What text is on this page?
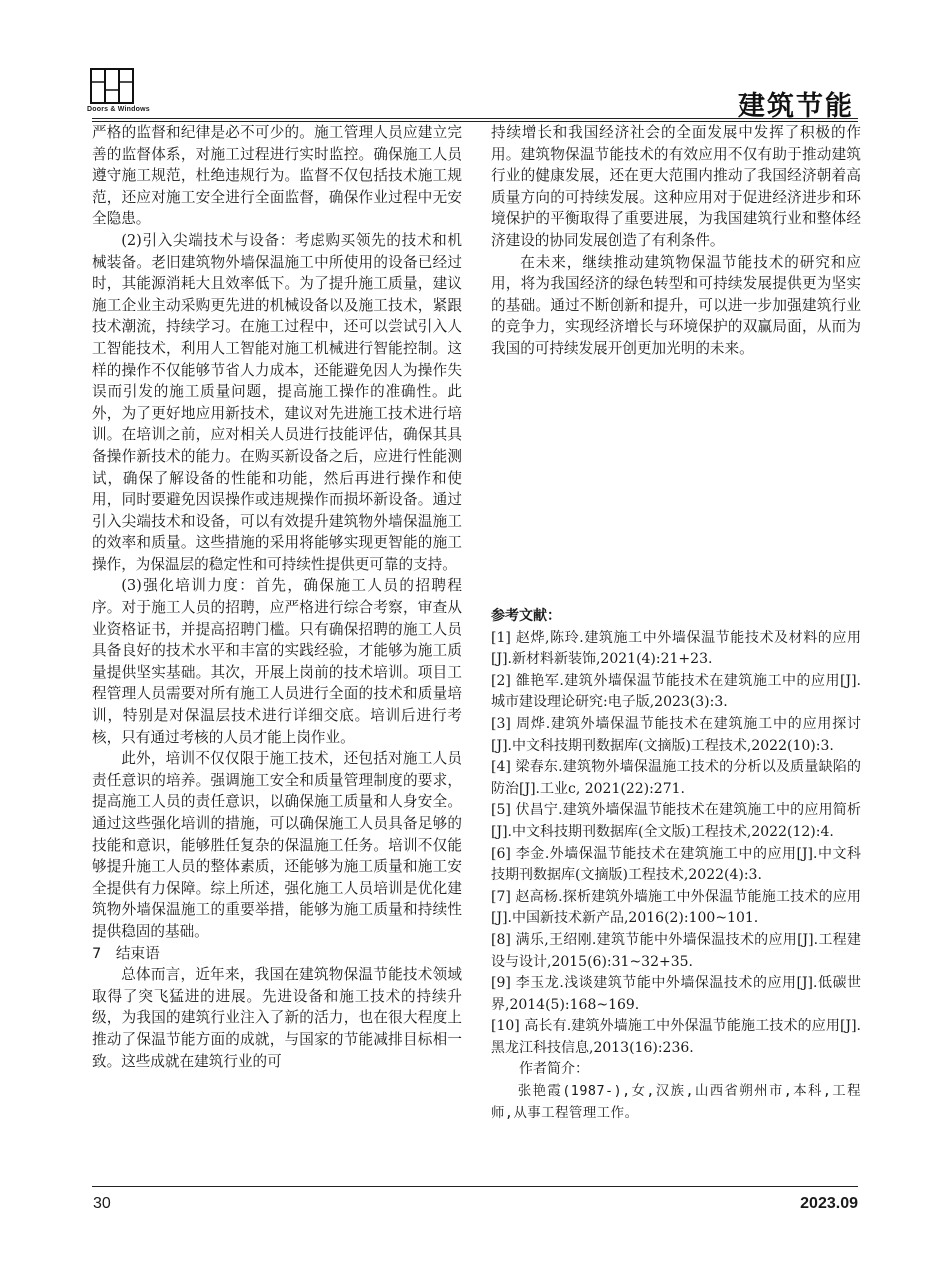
Doors & Windows	建筑节能

严格的监督和纪律是必不可少的。施工管理人员应建立完善的监督体系，对施工过程进行实时监控。确保施工人员遵守施工规范，杜绝违规行为。监督不仅包括技术施工规范，还应对施工安全进行全面监督，确保作业过程中无安全隐患。

(2)引入尖端技术与设备：考虑购买领先的技术和机械装备。老旧建筑物外墙保温施工中所使用的设备已经过时，其能源消耗大且效率低下。为了提升施工质量，建议施工企业主动采购更先进的机械设备以及施工技术，紧跟技术潮流，持续学习。在施工过程中，还可以尝试引入人工智能技术，利用人工智能对施工机械进行智能控制。这样的操作不仅能够节省人力成本，还能避免因人为操作失误而引发的施工质量问题，提高施工操作的准确性。此外，为了更好地应用新技术，建议对先进施工技术进行培训。在培训之前，应对相关人员进行技能评估，确保其具备操作新技术的能力。在购买新设备之后，应进行性能测试，确保了解设备的性能和功能，然后再进行操作和使用，同时要避免因误操作或违规操作而损坏新设备。通过引入尖端技术和设备，可以有效提升建筑物外墙保温施工的效率和质量。这些措施的采用将能够实现更智能的施工操作，为保温层的稳定性和可持续性提供更可靠的支持。

(3)强化培训力度：首先，确保施工人员的招聘程序。对于施工人员的招聘，应严格进行综合考察，审查从业资格证书，并提高招聘门槛。只有确保招聘的施工人员具备良好的技术水平和丰富的实践经验，才能够为施工质量提供坚实基础。其次，开展上岗前的技术培训。项目工程管理人员需要对所有施工人员进行全面的技术和质量培训，特别是对保温层技术进行详细交底。培训后进行考核，只有通过考核的人员才能上岗作业。

此外，培训不仅仅限于施工技术，还包括对施工人员责任意识的培养。强调施工安全和质量管理制度的要求，提高施工人员的责任意识，以确保施工质量和人身安全。通过这些强化培训的措施，可以确保施工人员具备足够的技能和意识，能够胜任复杂的保温施工任务。培训不仅能够提升施工人员的整体素质，还能够为施工质量和施工安全提供有力保障。综上所述，强化施工人员培训是优化建筑物外墙保温施工的重要举措，能够为施工质量和持续性提供稳固的基础。

7　结束语

总体而言，近年来，我国在建筑物保温节能技术领域取得了突飞猛进的进展。先进设备和施工技术的持续升级，为我国的建筑行业注入了新的活力，也在很大程度上推动了保温节能方面的成就，与国家的节能减排目标相一致。这些成就在建筑行业的可

持续增长和我国经济社会的全面发展中发挥了积极的作用。建筑物保温节能技术的有效应用不仅有助于推动建筑行业的健康发展，还在更大范围内推动了我国经济朝着高质量方向的可持续发展。这种应用对于促进经济进步和环境保护的平衡取得了重要进展，为我国建筑行业和整体经济建设的协同发展创造了有利条件。

在未来，继续推动建筑物保温节能技术的研究和应用，将为我国经济的绿色转型和可持续发展提供更为坚实的基础。通过不断创新和提升，可以进一步加强建筑行业的竞争力，实现经济增长与环境保护的双赢局面，从而为我国的可持续发展开创更加光明的未来。

参考文献：

[1] 赵烨,陈玲.建筑施工中外墙保温节能技术及材料的应用[J].新材料新装饰,2021(4):21+23.
[2] 雒艳军.建筑外墙保温节能技术在建筑施工中的应用[J].城市建设理论研究:电子版,2023(3):3.
[3] 周烨.建筑外墙保温节能技术在建筑施工中的应用探讨[J].中文科技期刊数据库(文摘版)工程技术,2022(10):3.
[4] 梁春东.建筑物外墙保温施工技术的分析以及质量缺陷的防治[J].工业c, 2021(22):271.
[5] 伏昌宁.建筑外墙保温节能技术在建筑施工中的应用简析[J].中文科技期刊数据库(全文版)工程技术,2022(12):4.
[6] 李金.外墙保温节能技术在建筑施工中的应用[J].中文科技期刊数据库(文摘版)工程技术,2022(4):3.
[7] 赵高杨.探析建筑外墙施工中外保温节能施工技术的应用[J].中国新技术新产品,2016(2):100~101.
[8] 满乐,王绍刚.建筑节能中外墙保温技术的应用[J].工程建设与设计,2015(6):31~32+35.
[9] 李玉龙.浅谈建筑节能中外墙保温技术的应用[J].低碳世界,2014(5):168~169.
[10] 高长有.建筑外墙施工中外保温节能施工技术的应用[J].黑龙江科技信息,2013(16):236.

作者简介：

张艳霞(1987-),女,汉族,山西省朔州市,本科,工程师,从事工程管理工作。

30	2023.09
